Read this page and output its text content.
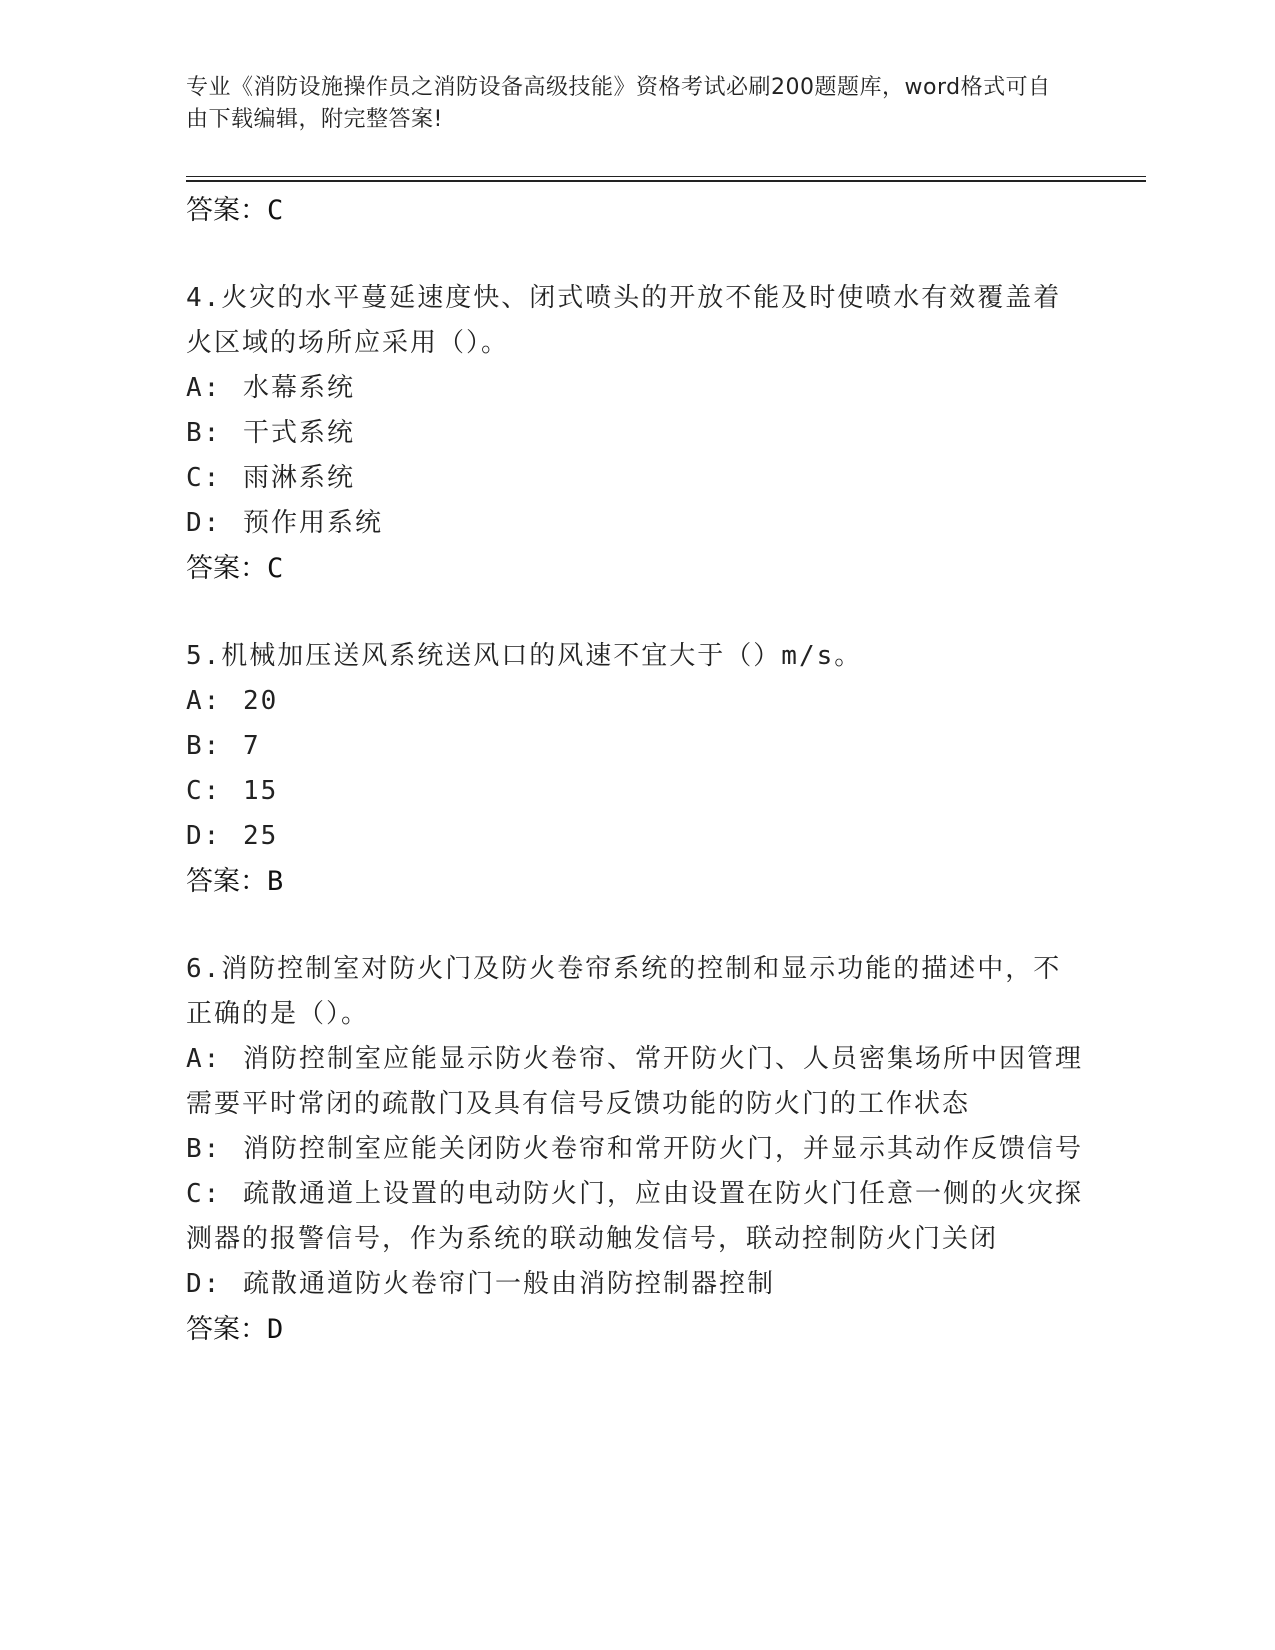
专业《消防设施操作员之消防设备高级技能》资格考试必刷200题题库，word格式可自由下载编辑，附完整答案!
答案：C
4.火灾的水平蔓延速度快、闭式喷头的开放不能及时使喷水有效覆盖着火区域的场所应采用（）。
A: 水幕系统
B: 干式系统
C: 雨淋系统
D: 预作用系统
答案：C
5.机械加压送风系统送风口的风速不宜大于（）m/s。
A: 20
B: 7
C: 15
D: 25
答案：B
6.消防控制室对防火门及防火卷帘系统的控制和显示功能的描述中，不正确的是（）。
A: 消防控制室应能显示防火卷帘、常开防火门、人员密集场所中因管理需要平时常闭的疏散门及具有信号反馈功能的防火门的工作状态
B: 消防控制室应能关闭防火卷帘和常开防火门，并显示其动作反馈信号
C: 疏散通道上设置的电动防火门，应由设置在防火门任意一侧的火灾探测器的报警信号，作为系统的联动触发信号，联动控制防火门关闭
D: 疏散通道防火卷帘门一般由消防控制器控制
答案：D
